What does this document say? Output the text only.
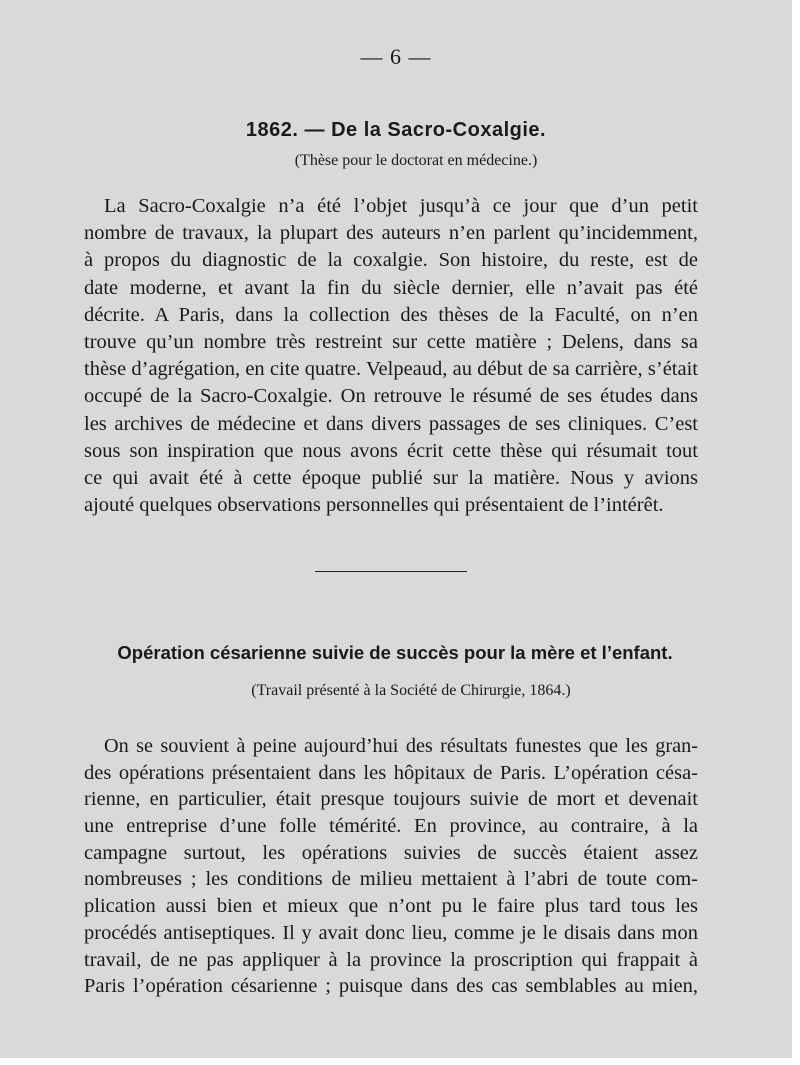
— 6 —
1862. — De la Sacro-Coxalgie.
(Thèse pour le doctorat en médecine.)
La Sacro-Coxalgie n’a été l’objet jusqu’à ce jour que d’un petit
nombre de travaux, la plupart des auteurs n’en parlent qu’incidemment,
à propos du diagnostic de la coxalgie. Son histoire, du reste, est de
date moderne, et avant la fin du siècle dernier, elle n’avait pas été
décrite. A Paris, dans la collection des thèses de la Faculté, on n’en
trouve qu’un nombre très restreint sur cette matière ; Delens, dans sa
thèse d’agrégation, en cite quatre. Velpeaud, au début de sa carrière, s’était
occupé de la Sacro-Coxalgie. On retrouve le résumé de ses études dans
les archives de médecine et dans divers passages de ses cliniques. C’est
sous son inspiration que nous avons écrit cette thèse qui résumait tout
ce qui avait été à cette époque publié sur la matière. Nous y avions
ajouté quelques observations personnelles qui présentaient de l’intérêt.
Opération césarienne suivie de succès pour la mère et l’enfant.
(Travail présenté à la Société de Chirurgie, 1864.)
On se souvient à peine aujourd’hui des résultats funestes que les gran-
des opérations présentaient dans les hôpitaux de Paris. L’opération césa-
rienne, en particulier, était presque toujours suivie de mort et devenait
une entreprise d’une folle témérité. En province, au contraire, à la
campagne surtout, les opérations suivies de succès étaient assez
nombreuses ; les conditions de milieu mettaient à l’abri de toute com-
plication aussi bien et mieux que n’ont pu le faire plus tard tous les
procédés antiseptiques. Il y avait donc lieu, comme je le disais dans mon
travail, de ne pas appliquer à la province la proscription qui frappait à
Paris l’opération césarienne ; puisque dans des cas semblables au mien,
